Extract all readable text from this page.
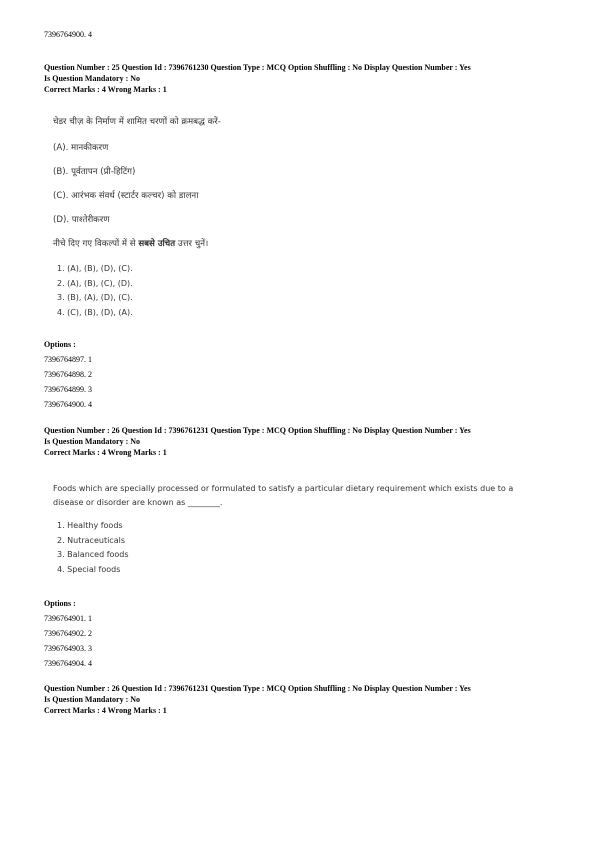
7396764900. 4
Question Number : 25 Question Id : 7396761230 Question Type : MCQ Option Shuffling : No Display Question Number : Yes
Is Question Mandatory : No
Correct Marks : 4 Wrong Marks : 1
चेडर चीज़ के निर्माण में शामित चरणों को क्रमबद्ध करें-
(A). मानकीकरण
(B). पूर्वतापन (प्री-हिटिंग)
(C). आरंभक संवर्ध (स्टार्टर कल्चर) को डालना
(D). पाश्तेरीकरण
नीचे दिए गए विकल्पों में से सबसे उचित उत्तर चुनें।
1. (A), (B), (D), (C).
2. (A), (B), (C), (D).
3. (B), (A), (D), (C).
4. (C), (B), (D), (A).
Options :
7396764897. 1
7396764898. 2
7396764899. 3
7396764900. 4
Question Number : 26 Question Id : 7396761231 Question Type : MCQ Option Shuffling : No Display Question Number : Yes
Is Question Mandatory : No
Correct Marks : 4 Wrong Marks : 1
Foods which are specially processed or formulated to satisfy a particular dietary requirement which exists due to a
disease or disorder are known as ________.
1. Healthy foods
2. Nutraceuticals
3. Balanced foods
4. Special foods
Options :
7396764901. 1
7396764902. 2
7396764903. 3
7396764904. 4
Question Number : 26 Question Id : 7396761231 Question Type : MCQ Option Shuffling : No Display Question Number : Yes
Is Question Mandatory : No
Correct Marks : 4 Wrong Marks : 1
